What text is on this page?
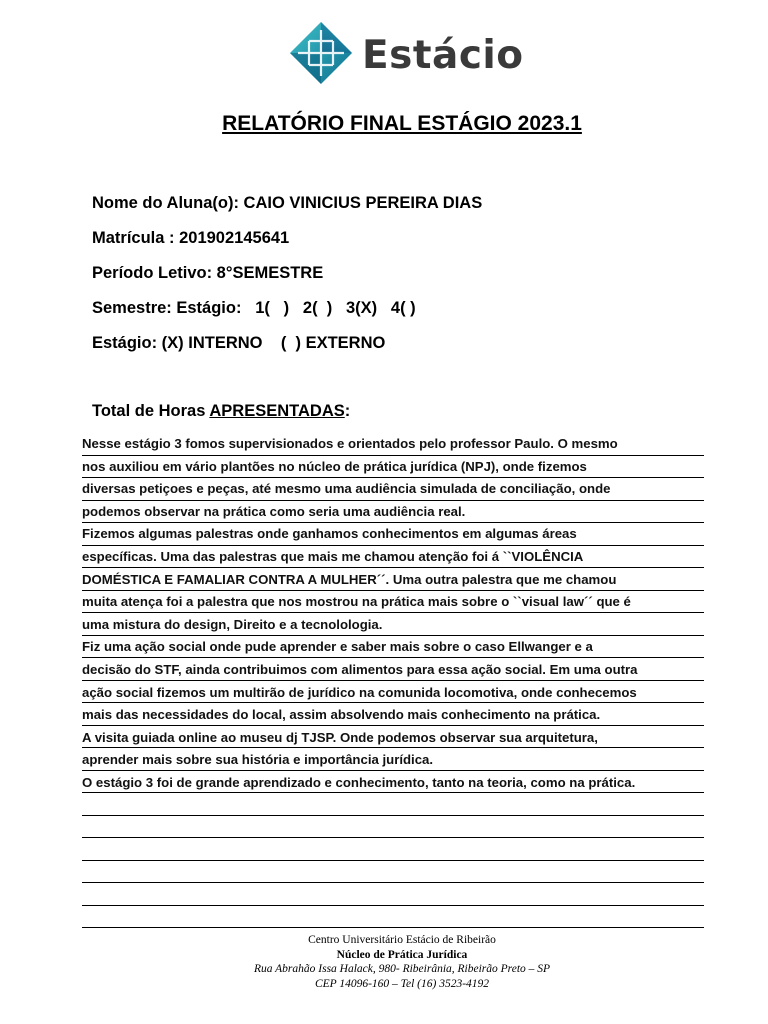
Estácio
RELATÓRIO FINAL ESTÁGIO 2023.1
Nome do Aluna(o): CAIO VINICIUS PEREIRA DIAS
Matrícula : 201902145641
Período Letivo: 8°SEMESTRE
Semestre: Estágio:   1(   )   2(  )   3(X)   4( )
Estágio: (X) INTERNO    (  ) EXTERNO
Total de Horas APRESENTADAS:
Nesse estágio 3 fomos supervisionados e orientados pelo professor Paulo. O mesmo
nos auxiliou em vário plantões no núcleo de prática jurídica (NPJ), onde fizemos
diversas petiçoes e peças, até mesmo uma audiência simulada de conciliação, onde
podemos observar na prática como seria uma audiência real.
Fizemos algumas palestras onde ganhamos conhecimentos em algumas áreas
específicas. Uma das palestras que mais me chamou atenção foi á ``VIOLÊNCIA
DOMÉSTICA E FAMALIAR CONTRA A MULHER´´. Uma outra palestra que me chamou
muita atença foi a palestra que nos mostrou na prática mais sobre o ``visual law´´ que é
uma mistura do design, Direito e a tecnolologia.
Fiz uma ação social onde pude aprender e saber mais sobre o caso Ellwanger e a
decisão do STF, ainda contribuimos com alimentos para essa ação social. Em uma outra
ação social fizemos um multirão de jurídico na comunida locomotiva, onde conhecemos
mais das necessidades do local, assim absolvendo mais conhecimento na prática.
A visita guiada online ao museu dj TJSP. Onde podemos observar sua arquitetura,
aprender mais sobre sua história e importância jurídica.
O estágio 3 foi de grande aprendizado e conhecimento, tanto na teoria, como na prática.
Centro Universitário Estácio de Ribeirão
Núcleo de Prática Jurídica
Rua Abrahão Issa Halack, 980- Ribeirânia, Ribeirão Preto – SP
CEP 14096-160 – Tel (16) 3523-4192
